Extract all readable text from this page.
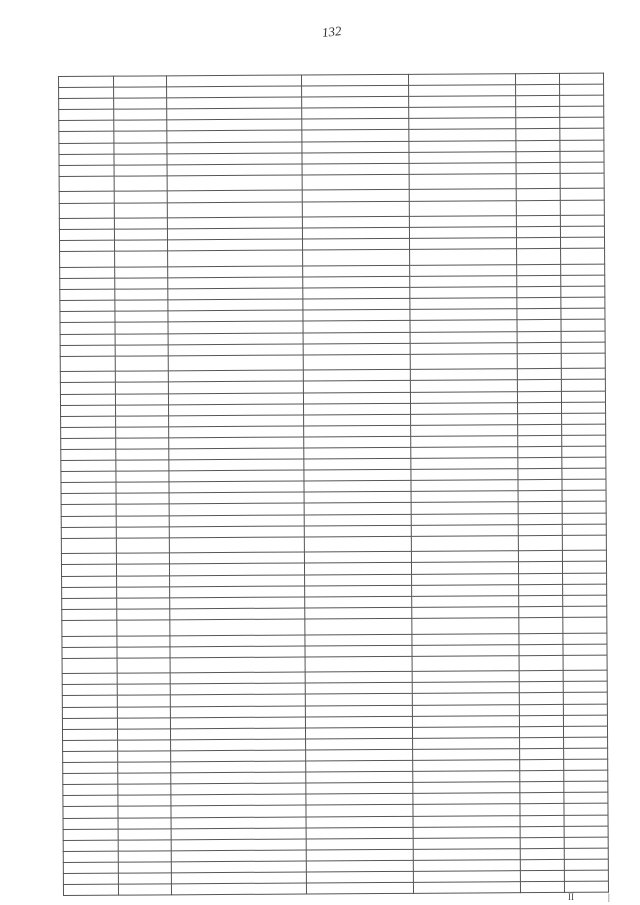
132

II	|
